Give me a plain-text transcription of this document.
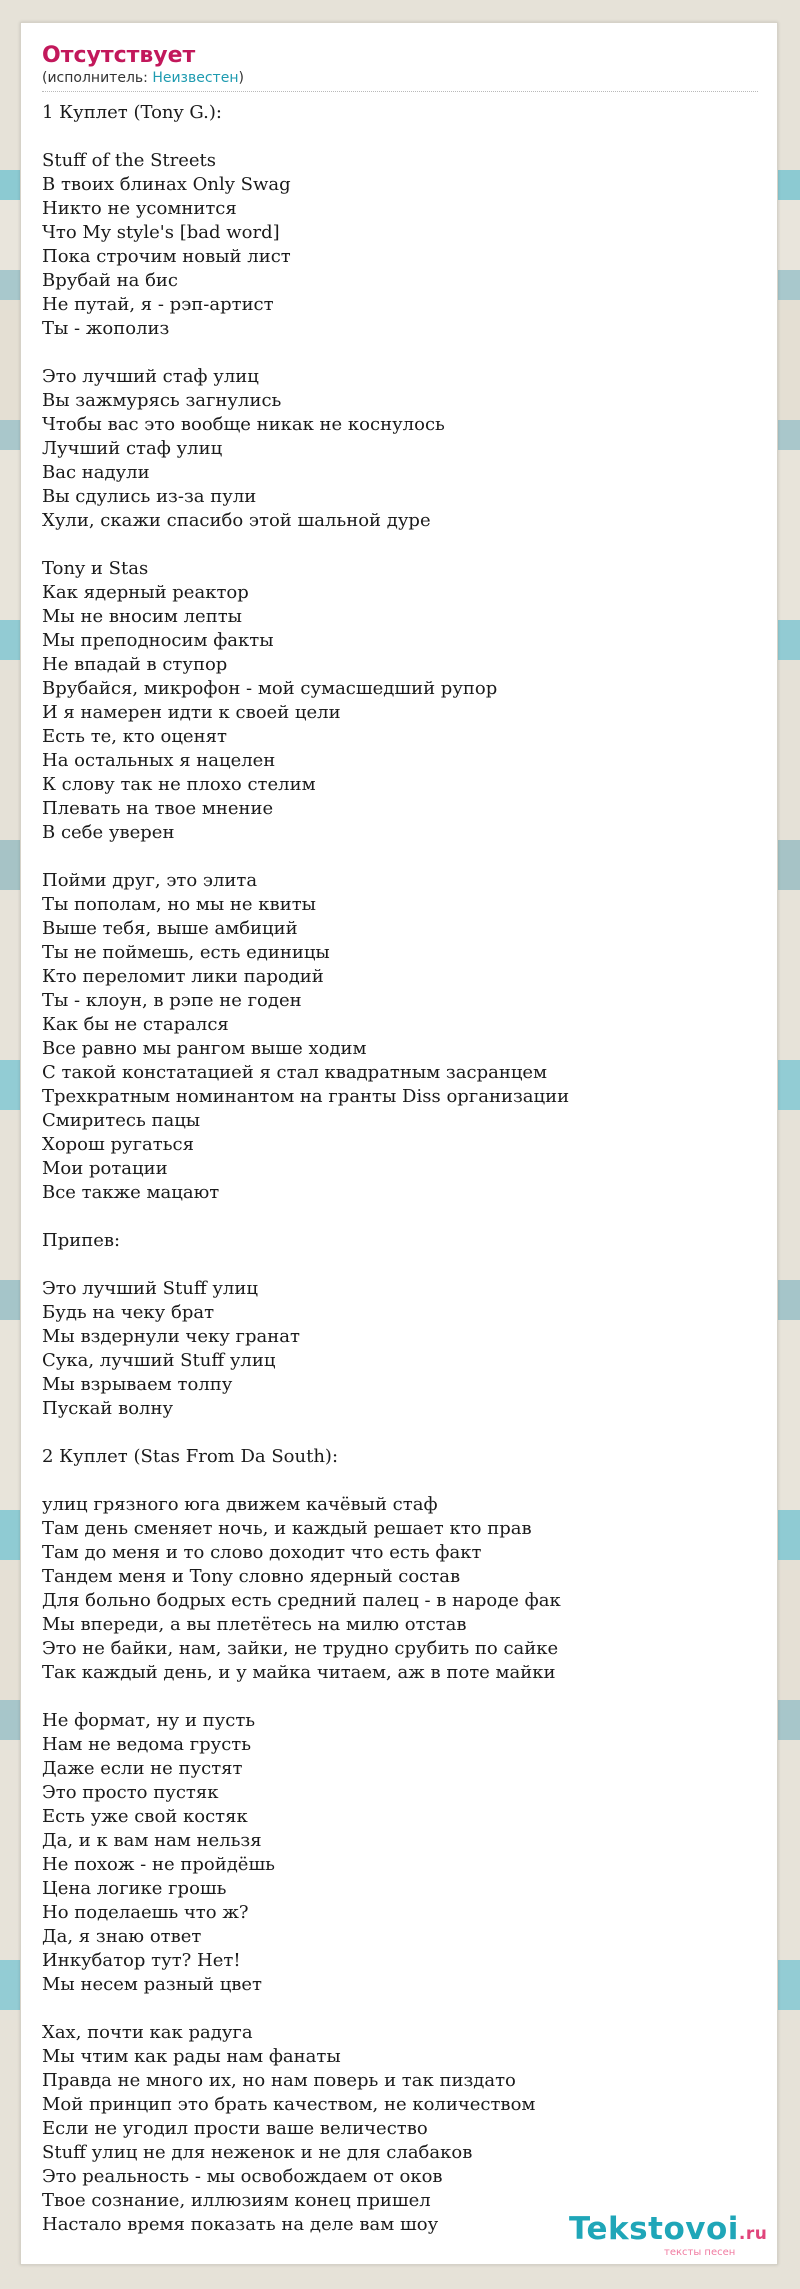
Отсутствует
(исполнитель: Неизвестен)
1 Куплет (Tony G.):
Stuff of the Streets
В твоих блинах Only Swag
Никто не усомнится
Что My style's [bad word]
Пока строчим новый лист
Врубай на бис
Не путай, я - рэп-артист
Ты - жополиз
Это лучший стаф улиц
Вы зажмурясь загнулись
Чтобы вас это вообще никак не коснулось
Лучший стаф улиц
Вас надули
Вы сдулись из-за пули
Хули, скажи спасибо этой шальной дуре
Tony и Stas
Как ядерный реактор
Мы не вносим лепты
Мы преподносим факты
Не впадай в ступор
Врубайся, микрофон - мой сумасшедший рупор
И я намерен идти к своей цели
Есть те, кто оценят
На остальных я нацелен
К слову так не плохо стелим
Плевать на твое мнение
В себе уверен
Пойми друг, это элита
Ты пополам, но мы не квиты
Выше тебя, выше амбиций
Ты не поймешь, есть единицы
Кто переломит лики пародий
Ты - клоун, в рэпе не годен
Как бы не старался
Все равно мы рангом выше ходим
С такой констатацией я стал квадратным засранцем
Трехкратным номинантом на гранты Diss организации
Смиритесь пацы
Хорош ругаться
Мои ротации
Все также мацают
Припев:
Это лучший Stuff улиц
Будь на чеку брат
Мы вздернули чеку гранат
Сука, лучший Stuff улиц
Мы взрываем толпу
Пускай волну
2 Куплет (Stas From Da South):
улиц грязного юга движем качёвый стаф
Там день сменяет ночь, и каждый решает кто прав
Там до меня и то слово доходит что есть факт
Тандем меня и Tony словно ядерный состав
Для больно бодрых есть средний палец - в народе фак
Мы впереди, а вы плетётесь на милю отстав
Это не байки, нам, зайки, не трудно срубить по сайке
Так каждый день, и у майка читаем, аж в поте майки
Не формат, ну и пусть
Нам не ведома грусть
Даже если не пустят
Это просто пустяк
Есть уже свой костяк
Да, и к вам нам нельзя
Не похож - не пройдёшь
Цена логике грошь
Но поделаешь что ж?
Да, я знаю ответ
Инкубатор тут? Нет!
Мы несем разный цвет
Хах, почти как радуга
Мы чтим как рады нам фанаты
Правда не много их, но нам поверь и так пиздато
Мой принцип это брать качеством, не количеством
Если не угодил прости ваше величество
Stuff улиц не для неженок и не для слабаков
Это реальность - мы освобождаем от оков
Твое сознание, иллюзиям конец пришел
Настало время показать на деле вам шоу	Tekstovoi.ru
тексты песен
